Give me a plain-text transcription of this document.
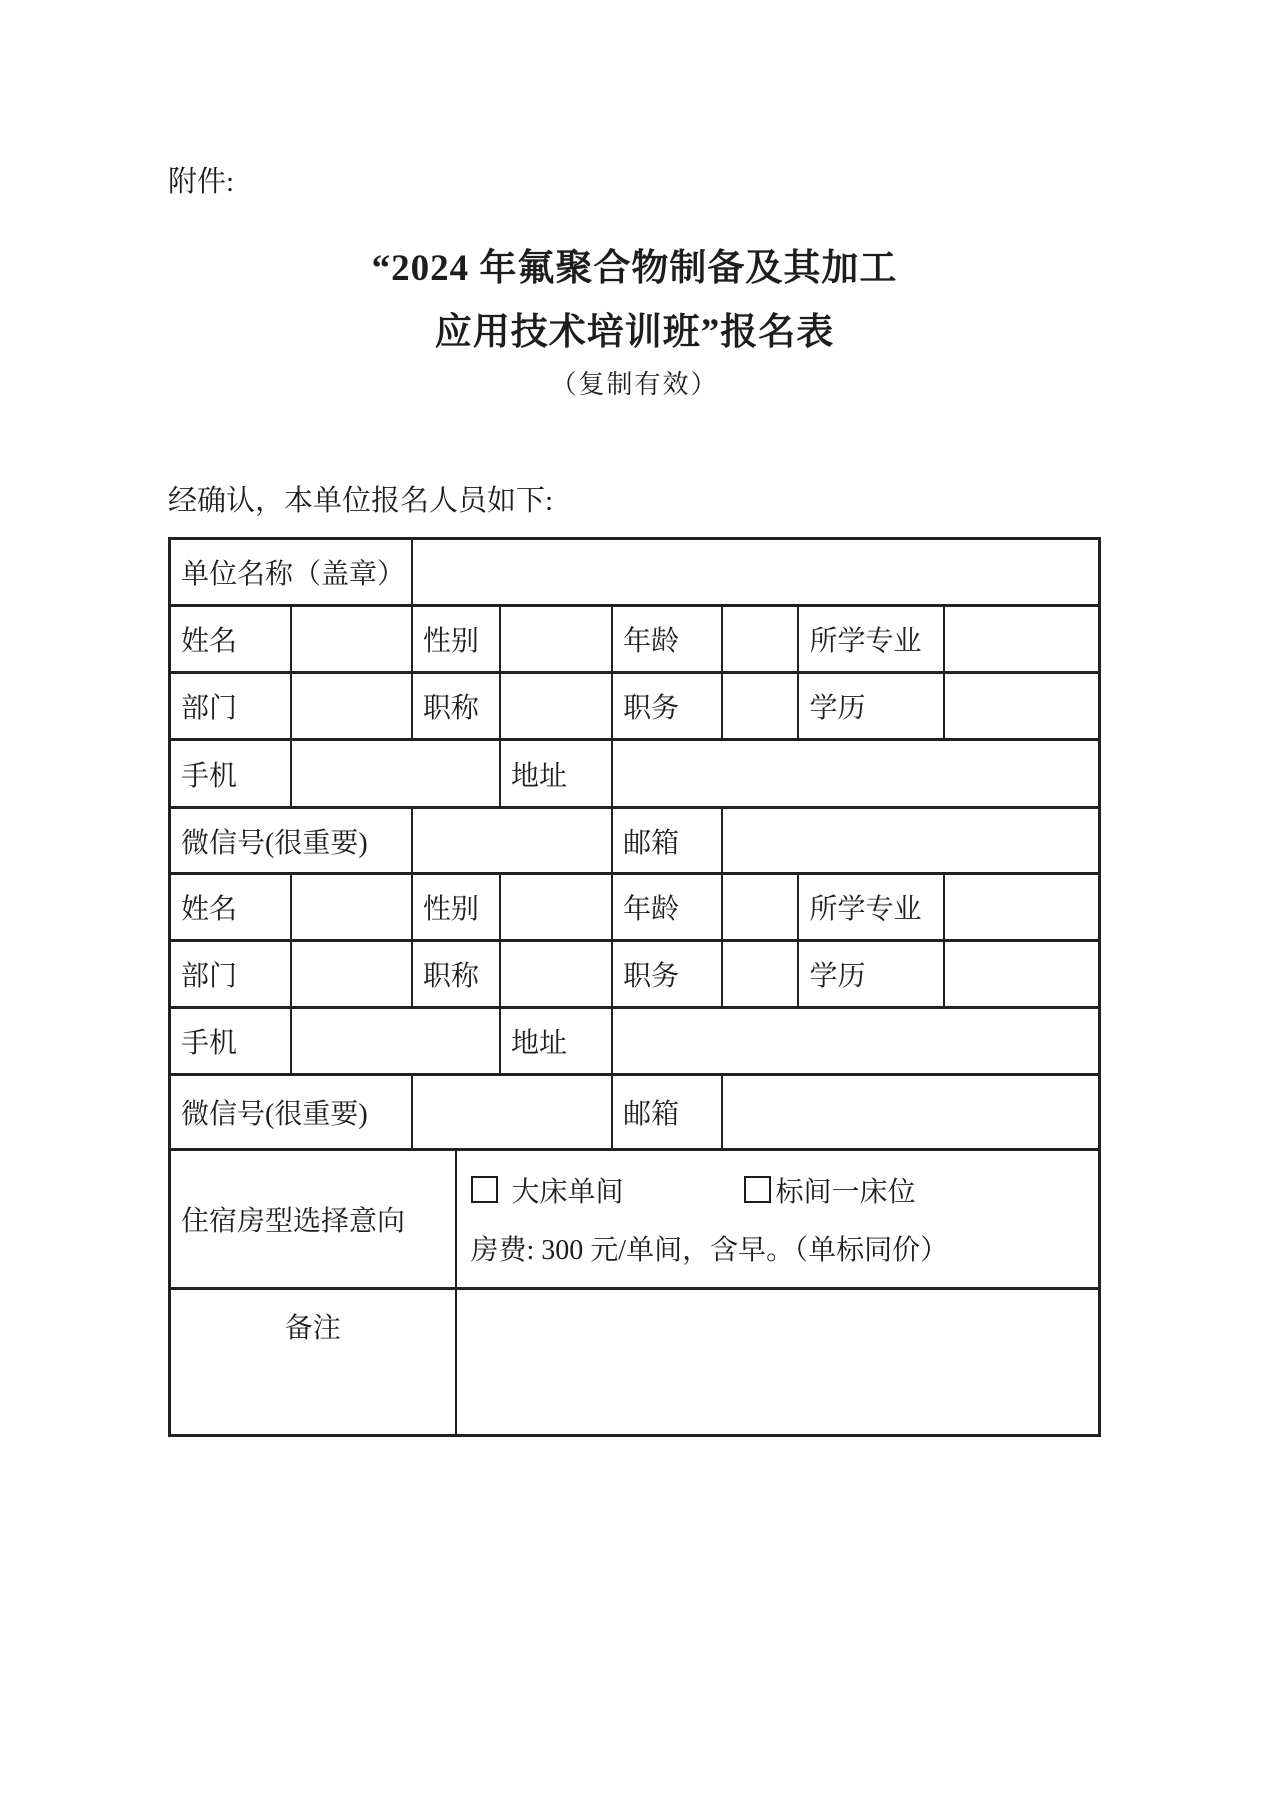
附件:
“2024 年氟聚合物制备及其加工
应用技术培训班”报名表
（复制有效）
经确认，本单位报名人员如下:
单位名称（盖章）
姓名	性别	年龄	所学专业
部门	职称	职务	学历
手机	地址
微信号(很重要)	邮箱
姓名	性别	年龄	所学专业
部门	职称	职务	学历
手机	地址
微信号(很重要)	邮箱
住宿房型选择意向
大床单间	标间一床位
房费: 300 元/单间，含早。（单标同价）
备注
